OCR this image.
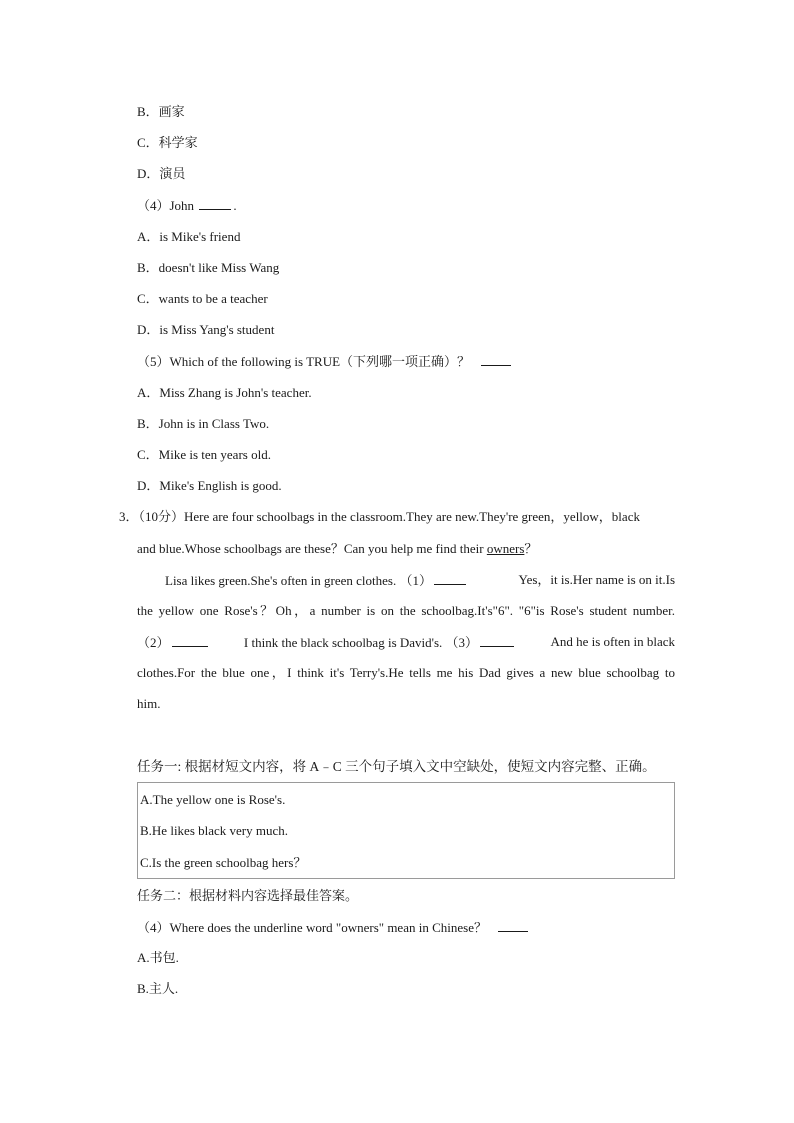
B．画家
C．科学家
D．演员
（4）John	.
A．is Mike's friend
B．doesn't like Miss Wang
C．wants to be a teacher
D．is Miss Yang's student
（5）Which of the following is TRUE（下列哪一项正确）？
A．Miss Zhang is John's teacher.
B．John is in Class Two.
C．Mike is ten years old.
D．Mike's English is good.
3．（10分）Here are four schoolbags in the classroom.They are new.They're green，yellow，black
and blue.Whose schoolbags are these？Can you help me find their owners？
Lisa likes green.She's often in green clothes. （1）	Yes，it is.Her name is on it.Is
the yellow one Rose's？Oh，a number is on the schoolbag.It's"6". "6"is Rose's student number.
（2）	I think the black schoolbag is David's. （3）	And he is often in black
clothes.For the blue one，I think it's Terry's.He tells me his Dad gives a new blue schoolbag to
him.
任务一: 根据材短文内容，将 A﹣C 三个句子填入文中空缺处，使短文内容完整、正确。
A.The yellow one is Rose's.
B.He likes black very much.
C.Is the green schoolbag hers？
任务二：根据材料内容选择最佳答案。
（4）Where does the underline word "owners" mean in Chinese？
A.书包.
B.主人.
